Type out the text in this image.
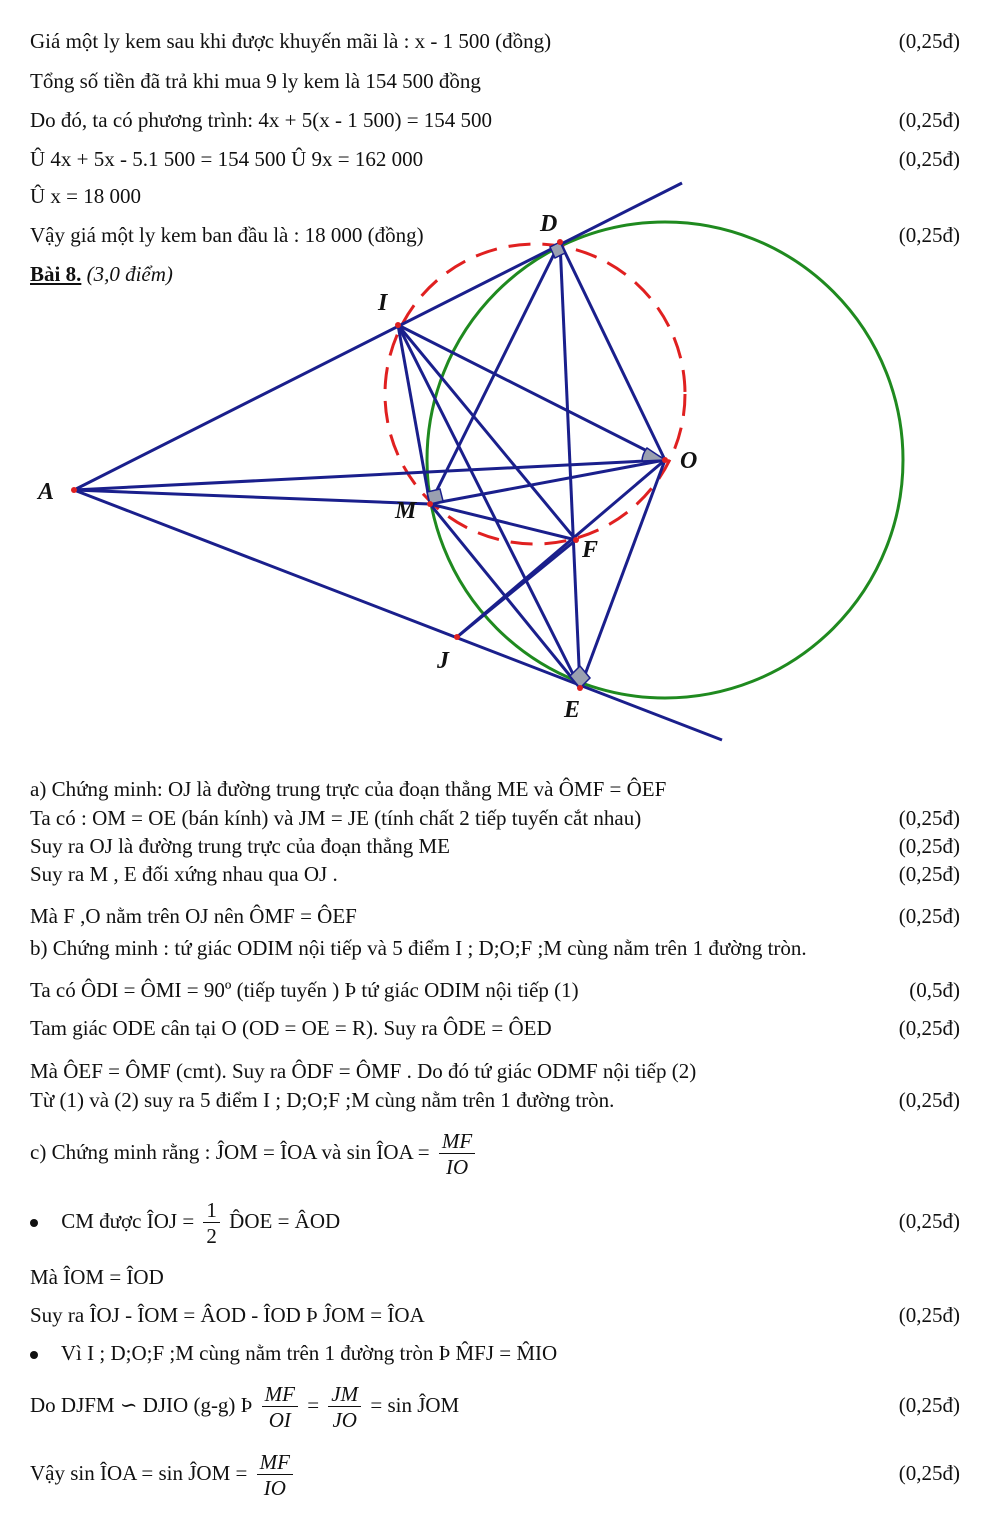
Giá một ly kem sau khi được khuyến mãi là : x - 1 500 (đồng)	(0,25đ)
Tổng số tiền đã trả khi mua 9 ly kem là 154 500 đồng
Do đó, ta có phương trình: 4x + 5(x - 1 500) = 154 500	(0,25đ)
Û 4x + 5x - 5.1 500 = 154 500 Û 9x = 162 000	(0,25đ)
Û x = 18 000
Vậy giá một ly kem ban đầu là : 18 000 (đồng)	(0,25đ)
Bài 8. (3,0 điểm)
A
D
I
O
M
F
J
E
a) Chứng minh: OJ là đường trung trực của đoạn thẳng ME và ÔMF = ÔEF
Ta có : OM = OE (bán kính) và JM = JE (tính chất 2 tiếp tuyến cắt nhau)	(0,25đ)
Suy ra OJ là đường trung trực của đoạn thẳng ME	(0,25đ)
Suy ra M , E đối xứng nhau qua OJ .	(0,25đ)
Mà F ,O nằm trên OJ nên ÔMF = ÔEF	(0,25đ)
b) Chứng minh : tứ giác ODIM nội tiếp và 5 điểm I ; D;O;F ;M cùng nằm trên 1 đường tròn.
Ta có ÔDI = ÔMI = 90º (tiếp tuyến ) Þ tứ giác ODIM nội tiếp (1)	(0,5đ)
Tam giác ODE cân tại O (OD = OE = R). Suy ra ÔDE = ÔED	(0,25đ)
Mà ÔEF = ÔMF (cmt). Suy ra ÔDF = ÔMF . Do đó tứ giác ODMF nội tiếp (2)
Từ (1) và (2) suy ra 5 điểm I ; D;O;F ;M cùng nằm trên 1 đường tròn.	(0,25đ)
c) Chứng minh rằng : ĴOM = ÎOA và sin ÎOA = $\frac{MF}{IO}$
CM được ÎOJ = $\frac{1}{2}$ D̂OE = ÂOD	(0,25đ)
Mà ÎOM = ÎOD
Suy ra ÎOJ - ÎOM = ÂOD - ÎOD Þ ĴOM = ÎOA	(0,25đ)
Vì I ; D;O;F ;M cùng nằm trên 1 đường tròn Þ M̂FJ = M̂IO
Do DJFM ∽ DJIO (g-g) Þ $\frac{MF}{OI} = \frac{JM}{JO} = \sin$ ĴOM	(0,25đ)
Vậy sin ÎOA = sin ĴOM = $\frac{MF}{IO}$	(0,25đ)
